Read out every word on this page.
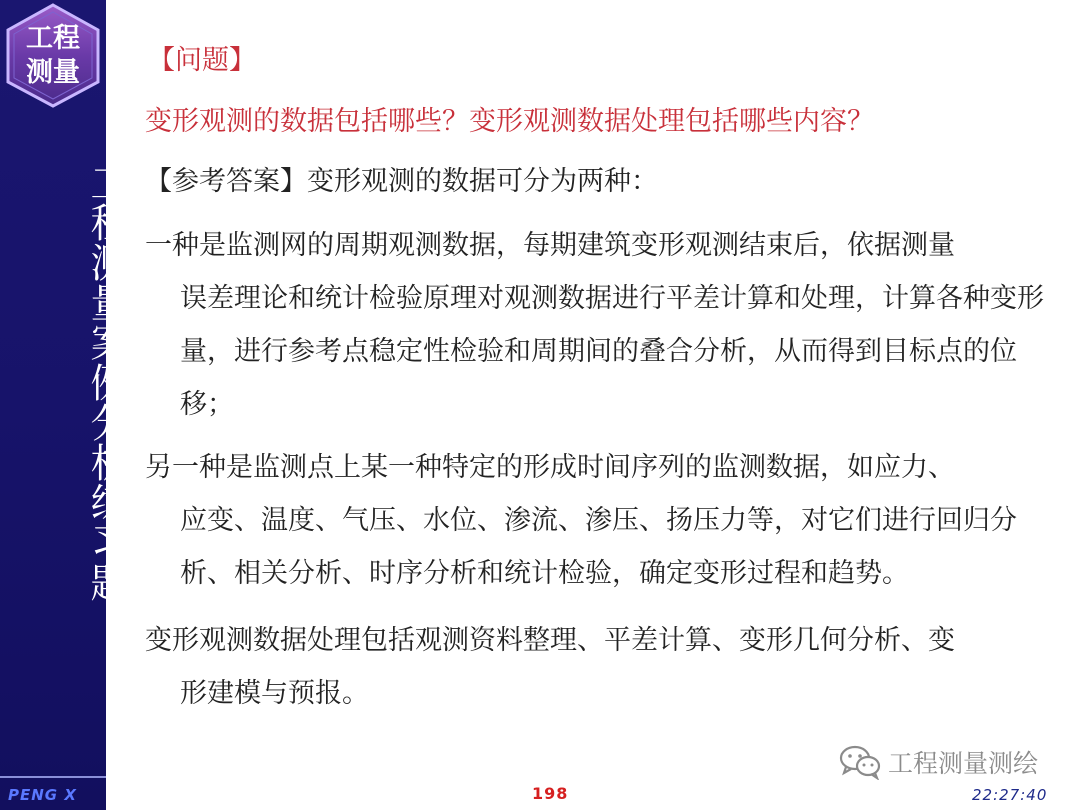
工程
测量
工程测量案例分析练习题
PENG X	198	22:27:40
【问题】
变形观测的数据包括哪些？变形观测数据处理包括哪些内容？
【参考答案】变形观测的数据可分为两种：
一种是监测网的周期观测数据，每期建筑变形观测结束后，依据测量
误差理论和统计检验原理对观测数据进行平差计算和处理，计算各种变形量，进行参考点稳定性检验和周期间的叠合分析，从而得到目标点的位移；
另一种是监测点上某一种特定的形成时间序列的监测数据，如应力、
应变、温度、气压、水位、渗流、渗压、扬压力等，对它们进行回归分析、相关分析、时序分析和统计检验，确定变形过程和趋势。
变形观测数据处理包括观测资料整理、平差计算、变形几何分析、变
形建模与预报。
工程测量测绘
